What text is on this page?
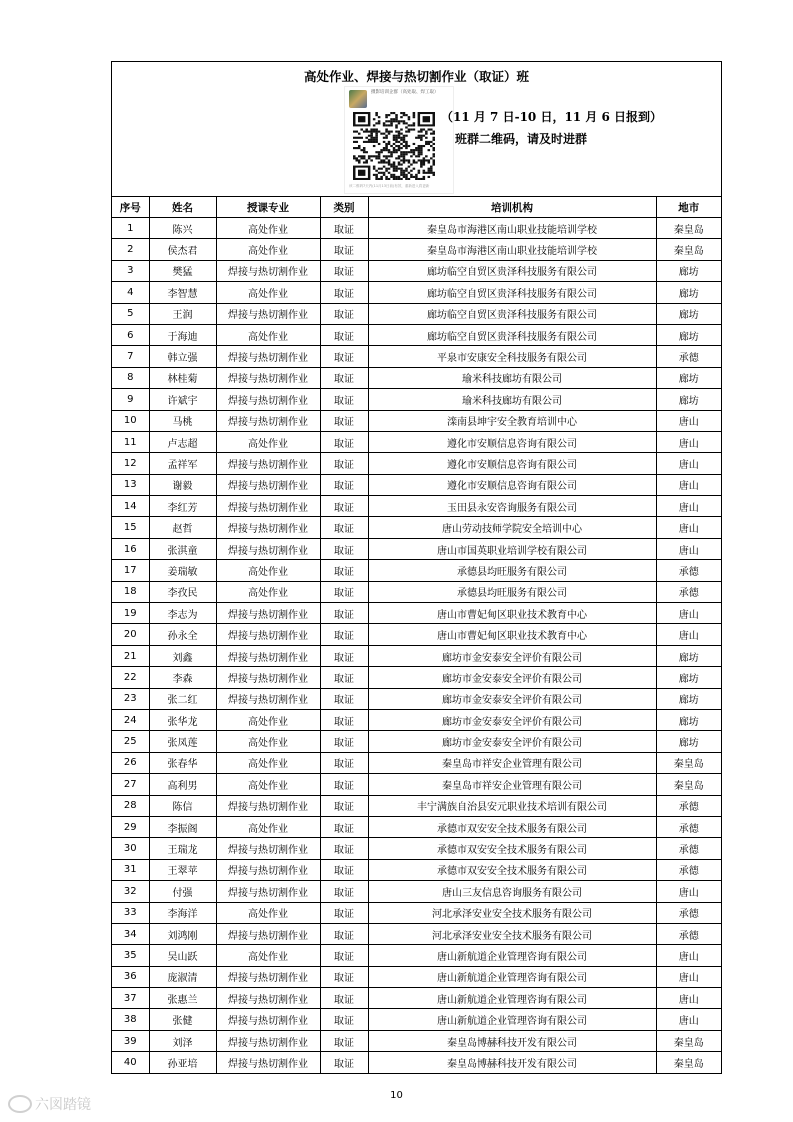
高处作业、焊接与热切割作业（取证）班
摄影培训企群（高处取、焊工取）
该二维码7天内(11月13日前)有效，重新进入将更新
（11 月 7 日-10 日，11 月 6 日报到）
班群二维码，请及时进群
序号	姓名	授课专业	类别	培训机构	地市
1	陈兴	高处作业	取证	秦皇岛市海港区南山职业技能培训学校	秦皇岛
2	侯杰君	高处作业	取证	秦皇岛市海港区南山职业技能培训学校	秦皇岛
3	樊猛	焊接与热切割作业	取证	廊坊临空自贸区贵泽科技服务有限公司	廊坊
4	李智慧	高处作业	取证	廊坊临空自贸区贵泽科技服务有限公司	廊坊
5	王润	焊接与热切割作业	取证	廊坊临空自贸区贵泽科技服务有限公司	廊坊
6	于海迪	高处作业	取证	廊坊临空自贸区贵泽科技服务有限公司	廊坊
7	韩立强	焊接与热切割作业	取证	平泉市安康安全科技服务有限公司	承德
8	林桂菊	焊接与热切割作业	取证	瑜米科技廊坊有限公司	廊坊
9	许斌宇	焊接与热切割作业	取证	瑜米科技廊坊有限公司	廊坊
10	马桃	焊接与热切割作业	取证	滦南县坤宇安全教育培训中心	唐山
11	卢志超	高处作业	取证	遵化市安顺信息咨询有限公司	唐山
12	孟祥军	焊接与热切割作业	取证	遵化市安顺信息咨询有限公司	唐山
13	谢毅	焊接与热切割作业	取证	遵化市安顺信息咨询有限公司	唐山
14	李红芳	焊接与热切割作业	取证	玉田县永安咨询服务有限公司	唐山
15	赵哲	焊接与热切割作业	取证	唐山劳动技师学院安全培训中心	唐山
16	张淇童	焊接与热切割作业	取证	唐山市国英职业培训学校有限公司	唐山
17	姜瑞敏	高处作业	取证	承德县均旺服务有限公司	承德
18	李孜民	高处作业	取证	承德县均旺服务有限公司	承德
19	李志为	焊接与热切割作业	取证	唐山市曹妃甸区职业技术教育中心	唐山
20	孙永全	焊接与热切割作业	取证	唐山市曹妃甸区职业技术教育中心	唐山
21	刘鑫	焊接与热切割作业	取证	廊坊市金安泰安全评价有限公司	廊坊
22	李森	焊接与热切割作业	取证	廊坊市金安泰安全评价有限公司	廊坊
23	张二红	焊接与热切割作业	取证	廊坊市金安泰安全评价有限公司	廊坊
24	张华龙	高处作业	取证	廊坊市金安泰安全评价有限公司	廊坊
25	张凤莲	高处作业	取证	廊坊市金安泰安全评价有限公司	廊坊
26	张春华	高处作业	取证	秦皇岛市祥安企业管理有限公司	秦皇岛
27	高利男	高处作业	取证	秦皇岛市祥安企业管理有限公司	秦皇岛
28	陈信	焊接与热切割作业	取证	丰宁满族自治县安元职业技术培训有限公司	承德
29	李振阁	高处作业	取证	承德市双安安全技术服务有限公司	承德
30	王瑞龙	焊接与热切割作业	取证	承德市双安安全技术服务有限公司	承德
31	王翠苹	焊接与热切割作业	取证	承德市双安安全技术服务有限公司	承德
32	付强	焊接与热切割作业	取证	唐山三友信息咨询服务有限公司	唐山
33	李海洋	高处作业	取证	河北承泽安业安全技术服务有限公司	承德
34	刘鸿刚	焊接与热切割作业	取证	河北承泽安业安全技术服务有限公司	承德
35	吴山跃	高处作业	取证	唐山新航道企业管理咨询有限公司	唐山
36	庞淑清	焊接与热切割作业	取证	唐山新航道企业管理咨询有限公司	唐山
37	张惠兰	焊接与热切割作业	取证	唐山新航道企业管理咨询有限公司	唐山
38	张健	焊接与热切割作业	取证	唐山新航道企业管理咨询有限公司	唐山
39	刘泽	焊接与热切割作业	取证	秦皇岛博赫科技开发有限公司	秦皇岛
40	孙亚培	焊接与热切割作业	取证	秦皇岛博赫科技开发有限公司	秦皇岛
10
六図踏镜
